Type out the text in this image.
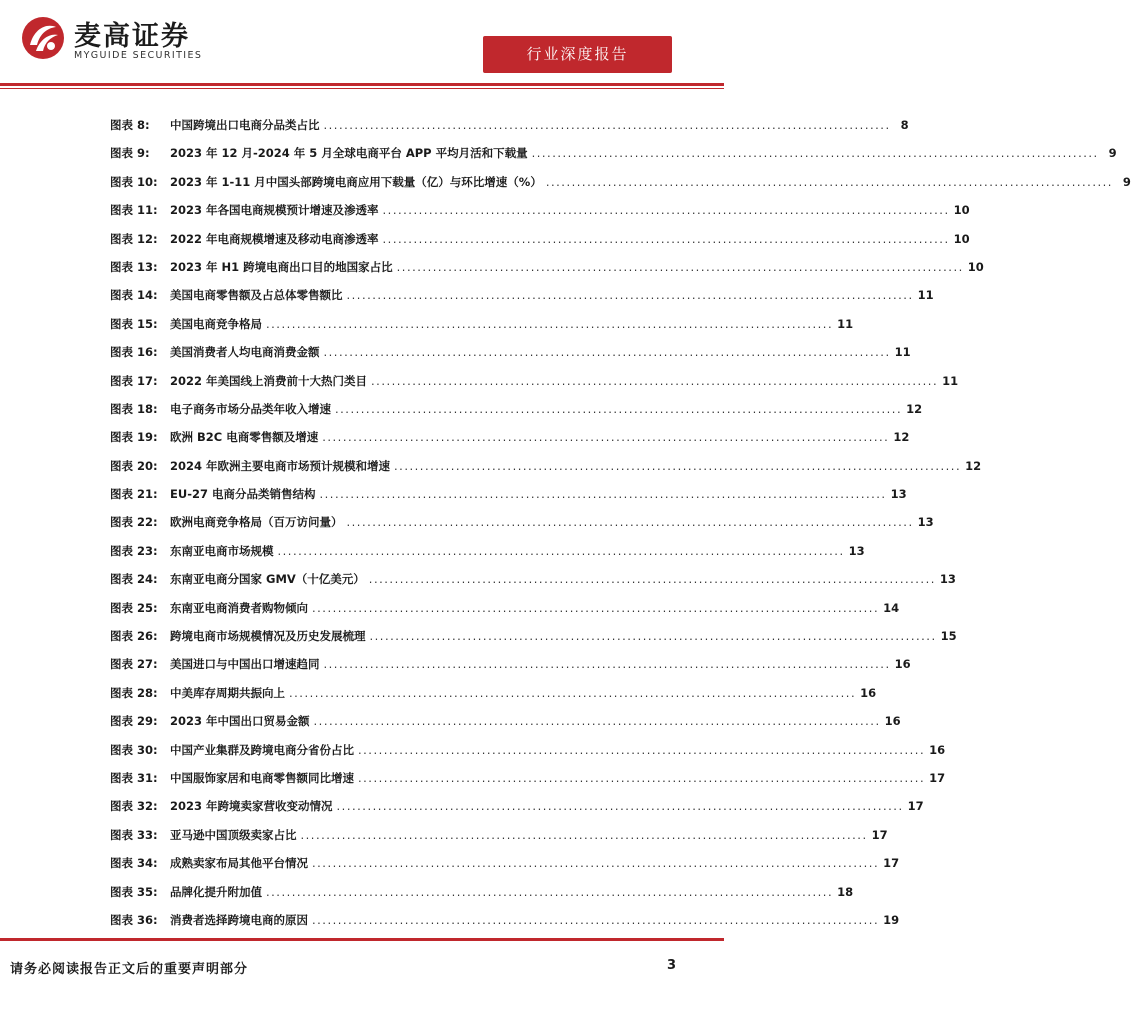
麦高证券
MYGUIDE SECURITIES	行业深度报告
图表 8:	中国跨境出口电商分品类占比 .............................................................................................................. 8
图表 9:	2023 年 12 月-2024 年 5 月全球电商平台 APP 平均月活和下载量 .............................................................................................................. 9
图表 10:	2023 年 1-11 月中国头部跨境电商应用下载量（亿）与环比增速（%） .............................................................................................................. 9
图表 11:	2023 年各国电商规模预计增速及渗透率 .............................................................................................................. 10
图表 12:	2022 年电商规模增速及移动电商渗透率 .............................................................................................................. 10
图表 13:	2023 年 H1 跨境电商出口目的地国家占比 .............................................................................................................. 10
图表 14:	美国电商零售额及占总体零售额比 .............................................................................................................. 11
图表 15:	美国电商竞争格局 .............................................................................................................. 11
图表 16:	美国消费者人均电商消费金额 .............................................................................................................. 11
图表 17:	2022 年美国线上消费前十大热门类目 .............................................................................................................. 11
图表 18:	电子商务市场分品类年收入增速 .............................................................................................................. 12
图表 19:	欧洲 B2C 电商零售额及增速 .............................................................................................................. 12
图表 20:	2024 年欧洲主要电商市场预计规模和增速 .............................................................................................................. 12
图表 21:	EU-27 电商分品类销售结构 .............................................................................................................. 13
图表 22:	欧洲电商竞争格局（百万访问量） .............................................................................................................. 13
图表 23:	东南亚电商市场规模 .............................................................................................................. 13
图表 24:	东南亚电商分国家 GMV（十亿美元） .............................................................................................................. 13
图表 25:	东南亚电商消费者购物倾向 .............................................................................................................. 14
图表 26:	跨境电商市场规模情况及历史发展梳理 .............................................................................................................. 15
图表 27:	美国进口与中国出口增速趋同 .............................................................................................................. 16
图表 28:	中美库存周期共振向上 .............................................................................................................. 16
图表 29:	2023 年中国出口贸易金额 .............................................................................................................. 16
图表 30:	中国产业集群及跨境电商分省份占比 .............................................................................................................. 16
图表 31:	中国服饰家居和电商零售额同比增速 .............................................................................................................. 17
图表 32:	2023 年跨境卖家营收变动情况 .............................................................................................................. 17
图表 33:	亚马逊中国顶级卖家占比 .............................................................................................................. 17
图表 34:	成熟卖家布局其他平台情况 .............................................................................................................. 17
图表 35:	品牌化提升附加值 .............................................................................................................. 18
图表 36:	消费者选择跨境电商的原因 .............................................................................................................. 19
请务必阅读报告正文后的重要声明部分	3
